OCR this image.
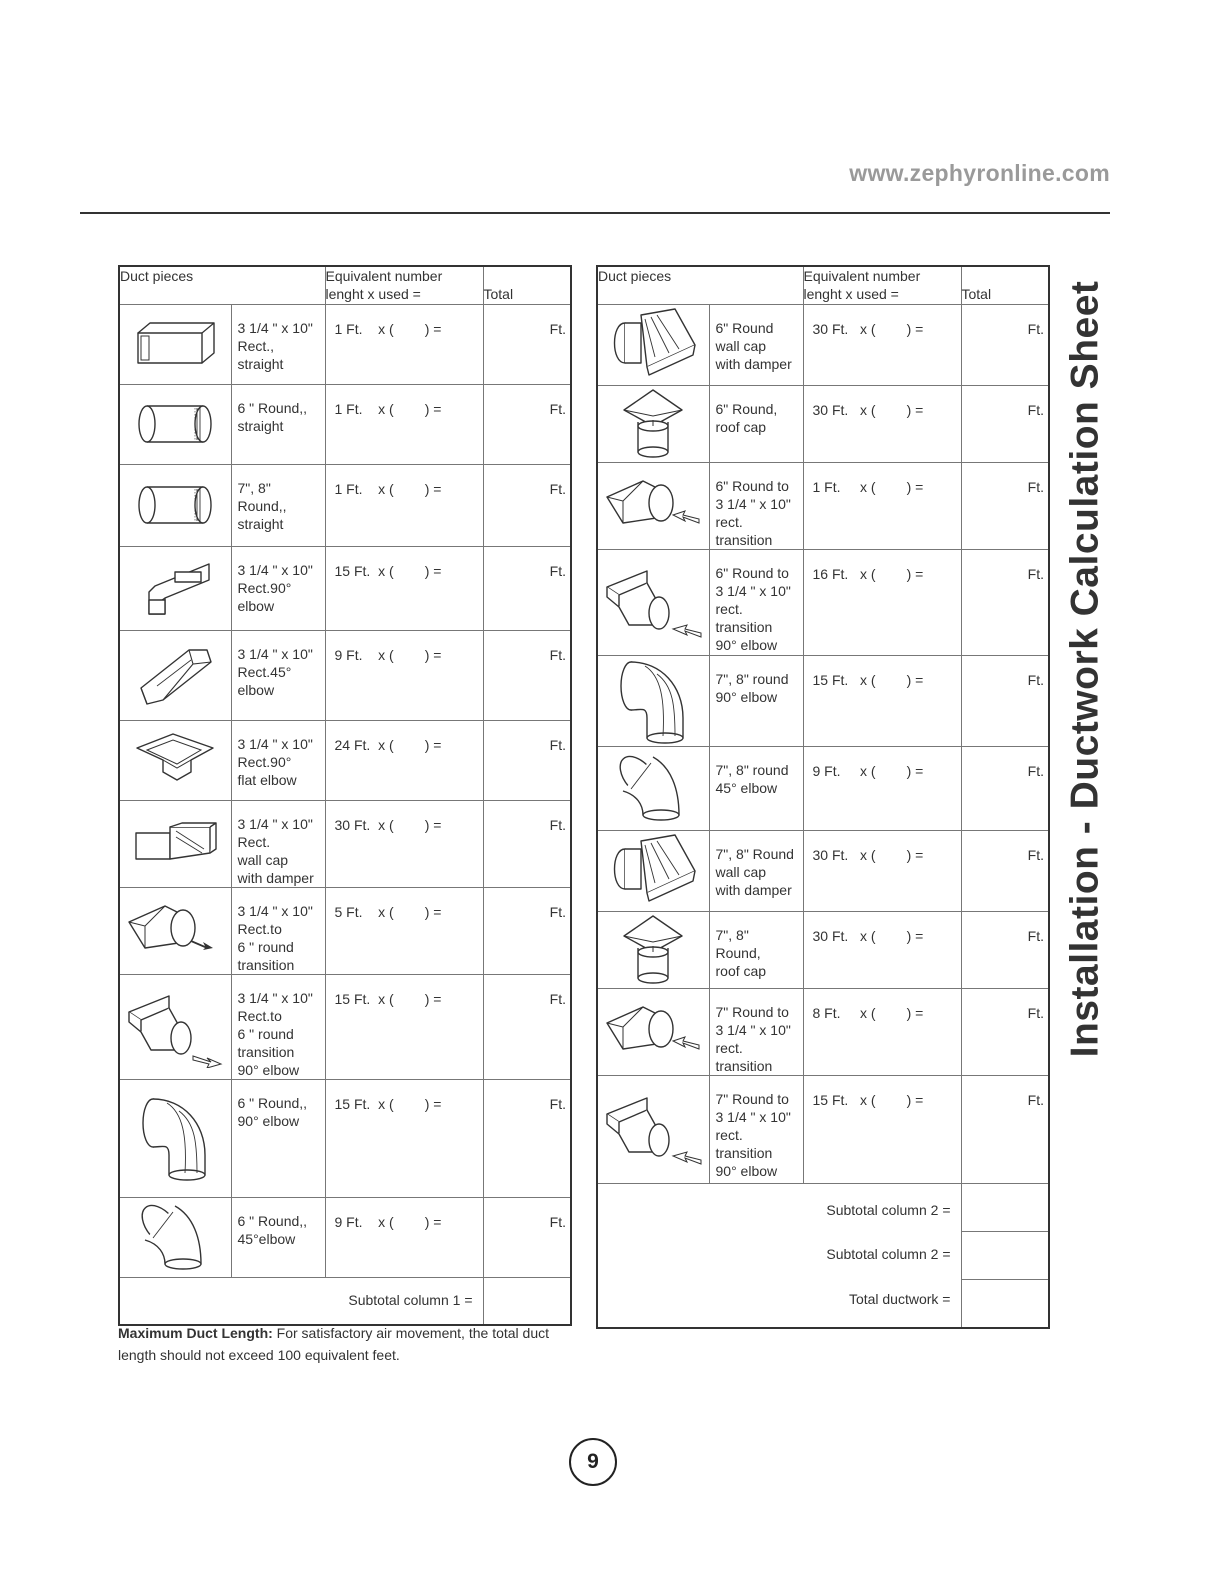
www.zephyronline.com
Installation - Ductwork Calculation Sheet
Duct pieces		Equivalent number
lenght x used =	Total

3 1/4 " x 10"
Rect.,
straight	1 Ft.    x (        ) =	Ft.

6 " Round,,
straight	1 Ft.    x (        ) =	Ft.

7", 8"
Round,,
straight	1 Ft.    x (        ) =	Ft.

3 1/4 " x 10"
Rect.90°
elbow	15 Ft.  x (        ) =	Ft.

3 1/4 " x 10"
Rect.45°
elbow	9 Ft.    x (        ) =	Ft.

3 1/4 " x 10"
Rect.90°
flat elbow	24 Ft.  x (        ) =	Ft.

3 1/4 " x 10"
Rect.
wall cap
with damper	30 Ft.  x (        ) =	Ft.

3 1/4 " x 10"
Rect.to
6 " round
transition	5 Ft.    x (        ) =	Ft.

3 1/4 " x 10"
Rect.to
6 " round
transition
90° elbow	15 Ft.  x (        ) =	Ft.

6 " Round,,
90° elbow	15 Ft.  x (        ) =	Ft.

6 " Round,,
45°elbow	9 Ft.    x (        ) =	Ft.
Subtotal column 1 =			
Duct pieces		Equivalent number
lenght x used =	Total

6" Round
wall cap
with damper	30 Ft.   x (        ) =	Ft.

6" Round,
roof cap	30 Ft.   x (        ) =	Ft.

6" Round to
3 1/4 " x 10"
rect.
transition	1 Ft.     x (        ) =	Ft.

6" Round to
3 1/4 " x 10"
rect.
transition
90° elbow	16 Ft.   x (        ) =	Ft.

7", 8" round
90° elbow	15 Ft.   x (        ) =	Ft.

7", 8" round
45° elbow	9 Ft.     x (        ) =	Ft.

7", 8" Round
wall cap
with damper	30 Ft.   x (        ) =	Ft.

7", 8"
Round,
roof cap	30 Ft.   x (        ) =	Ft.

7" Round to
3 1/4 " x 10"
rect.
transition	8 Ft.     x (        ) =	Ft.

7" Round to
3 1/4 " x 10"
rect.
transition
90° elbow	15 Ft.   x (        ) =	Ft.

Subtotal column 2 =
Subtotal column 2 =
Total ductwork =			

Maximum Duct Length: For satisfactory air movement, the total duct length should not exceed 100 equivalent feet.
9
